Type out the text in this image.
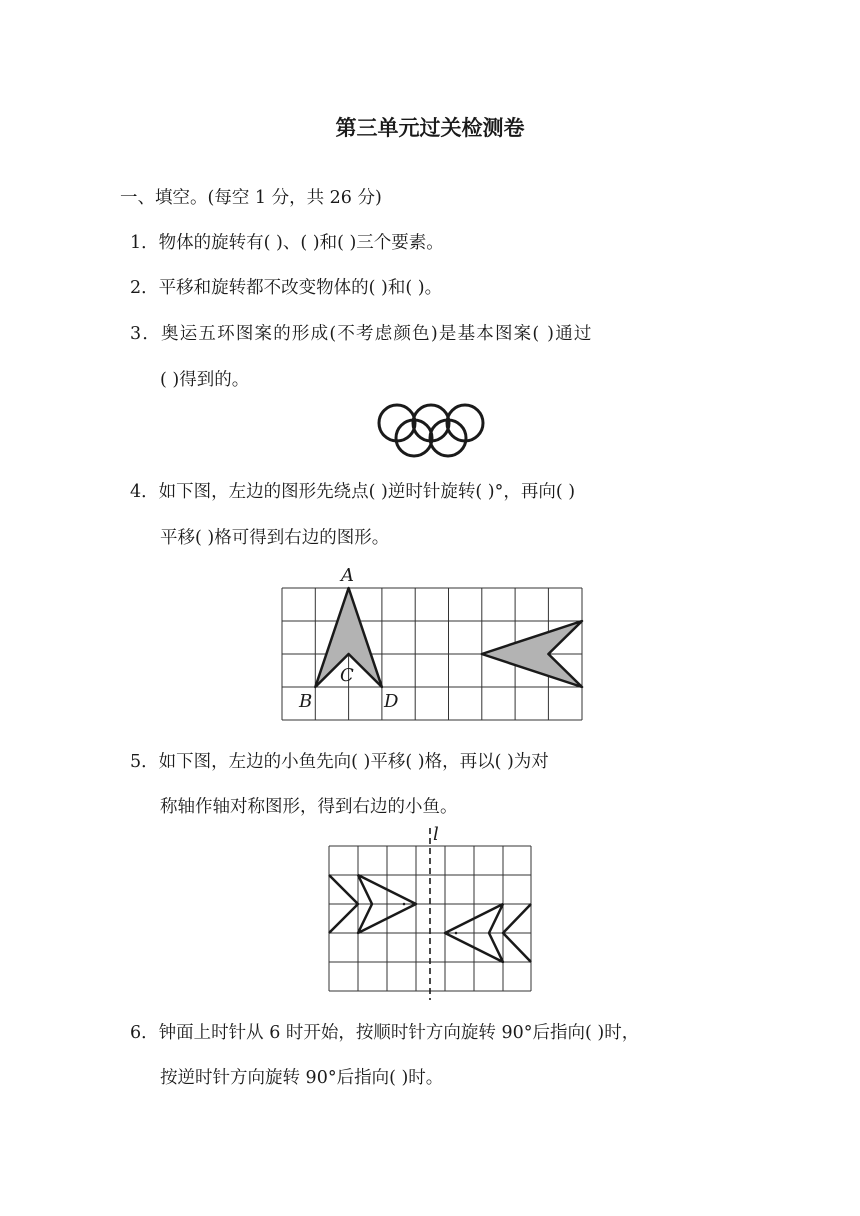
第三单元过关检测卷
一、填空。(每空 1 分，共 26 分)
1．物体的旋转有( )、( )和( )三个要素。
2．平移和旋转都不改变物体的( )和( )。
3．奥运五环图案的形成(不考虑颜色)是基本图案( )通过
( )得到的。
4．如下图，左边的图形先绕点( )逆时针旋转( )°，再向( )
平移( )格可得到右边的图形。
A
B
C
D
5．如下图，左边的小鱼先向( )平移( )格，再以( )为对
称轴作轴对称图形，得到右边的小鱼。
l
6．钟面上时针从 6 时开始，按顺时针方向旋转 90°后指向( )时，
按逆时针方向旋转 90°后指向( )时。
